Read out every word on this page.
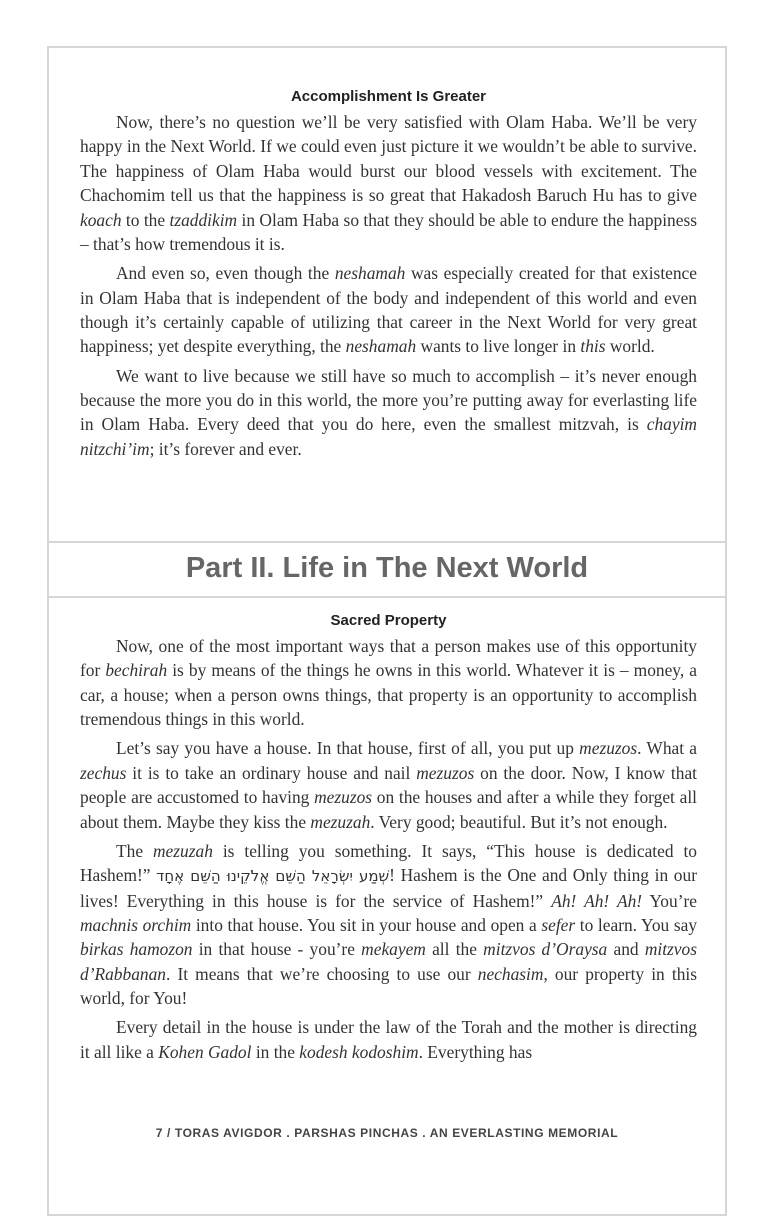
Accomplishment Is Greater

Now, there’s no question we’ll be very satisfied with Olam Haba. We’ll be very happy in the Next World. If we could even just picture it we wouldn’t be able to survive. The happiness of Olam Haba would burst our blood vessels with excitement. The Chachomim tell us that the happiness is so great that Hakadosh Baruch Hu has to give koach to the tzaddikim in Olam Haba so that they should be able to endure the happiness – that’s how tremendous it is.

And even so, even though the neshamah was especially created for that existence in Olam Haba that is independent of the body and independent of this world and even though it’s certainly capable of utilizing that career in the Next World for very great happiness; yet despite everything, the neshamah wants to live longer in this world.

We want to live because we still have so much to accomplish – it’s never enough because the more you do in this world, the more you’re putting away for everlasting life in Olam Haba. Every deed that you do here, even the smallest mitzvah, is chayim nitzchi’im; it’s forever and ever.

Part II. Life in The Next World
Sacred Property

Now, one of the most important ways that a person makes use of this opportunity for bechirah is by means of the things he owns in this world. Whatever it is – money, a car, a house; when a person owns things, that property is an opportunity to accomplish tremendous things in this world.

Let’s say you have a house. In that house, first of all, you put up mezuzos. What a zechus it is to take an ordinary house and nail mezuzos on the door. Now, I know that people are accustomed to having mezuzos on the houses and after a while they forget all about them. Maybe they kiss the mezuzah. Very good; beautiful. But it’s not enough.

The mezuzah is telling you something. It says, “This house is dedicated to Hashem!” שְׁמַע יִשְׂרָאֵל הַשֵּׁם אֱלֹקֵינוּ הַשֵּׁם אֶחָד! Hashem is the One and Only thing in our lives! Everything in this house is for the service of Hashem!” Ah! Ah! Ah! You’re machnis orchim into that house. You sit in your house and open a sefer to learn. You say birkas hamozon in that house - you’re mekayem all the mitzvos d’Oraysa and mitzvos d’Rabbanan. It means that we’re choosing to use our nechasim, our property in this world, for You!

Every detail in the house is under the law of the Torah and the mother is directing it all like a Kohen Gadol in the kodesh kodoshim. Everything has

7 / TORAS AVIGDOR . PARSHAS PINCHAS . AN EVERLASTING MEMORIAL
